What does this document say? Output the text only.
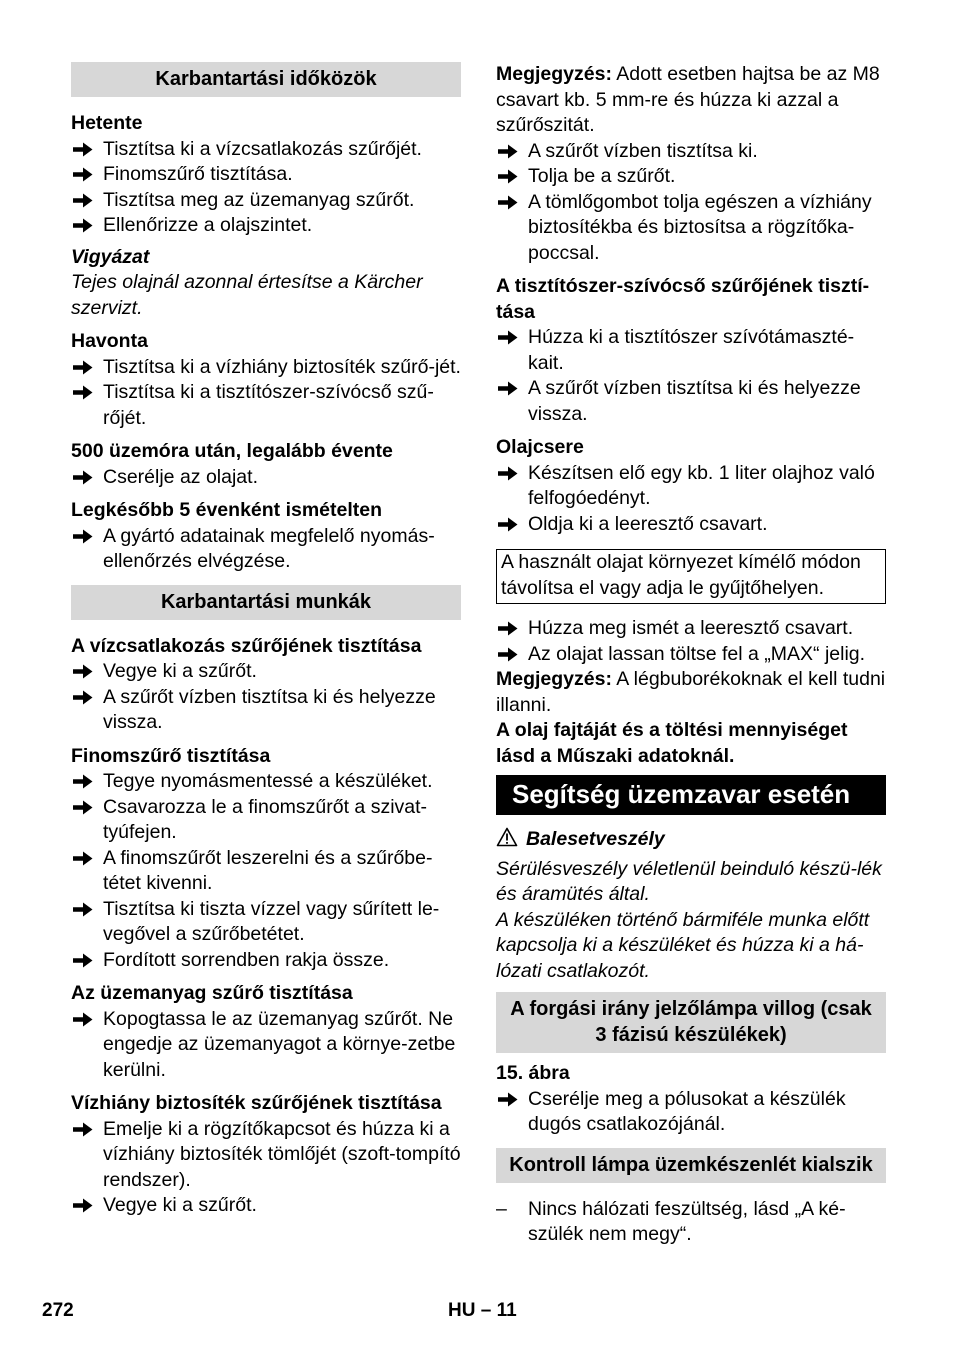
Karbantartási időközök
Hetente
Tisztítsa ki a vízcsatlakozás szűrőjét.
Finomszűrő tisztítása.
Tisztítsa meg az üzemanyag szűrőt.
Ellenőrizze a olajszintet.
Vigyázat

Tejes olajnál azonnal értesítse a Kärcher szervizt.

Havonta
Tisztítsa ki a vízhiány biztosíték szűrő-jét.
Tisztítsa ki a tisztítószer-szívócső szű-rőjét.
500 üzemóra után, legalább évente
Cserélje az olajat.
Legkésőbb 5 évenként ismételten
A gyártó adatainak megfelelő nyomás-ellenőrzés elvégzése.
Karbantartási munkák
A vízcsatlakozás szűrőjének tisztítása
Vegye ki a szűrőt.
A szűrőt vízben tisztítsa ki és helyezze vissza.
Finomszűrő tisztítása
Tegye nyomásmentessé a készüléket.
Csavarozza le a finomszűrőt a szivat-tyúfejen.
A finomszűrőt leszerelni és a szűrőbe-tétet kivenni.
Tisztítsa ki tiszta vízzel vagy sűrített le-vegővel a szűrőbetétet.
Fordított sorrendben rakja össze.
Az üzemanyag szűrő tisztítása
Kopogtassa le az üzemanyag szűrőt. Ne engedje az üzemanyagot a környe-zetbe kerülni.
Vízhiány biztosíték szűrőjének tisztítása
Emelje ki a rögzítőkapcsot és húzza ki a vízhiány biztosíték tömlőjét (szoft-tompító rendszer).
Vegye ki a szűrőt.

Megjegyzés: Adott esetben hajtsa be az M8 csavart kb. 5 mm-re és húzza ki azzal a szűrőszitát.

A szűrőt vízben tisztítsa ki.
Tolja be a szűrőt.
A tömlőgombot tolja egészen a vízhiány biztosítékba és biztosítsa a rögzítőka-poccsal.
A tisztítószer-szívócső szűrőjének tisztí-tása
Húzza ki a tisztítószer szívótámaszté-kait.
A szűrőt vízben tisztítsa ki és helyezze vissza.
Olajcsere
Készítsen elő egy kb. 1 liter olajhoz való felfogóedényt.
Oldja ki a leeresztő csavart.
A használt olajat környezet kímélő módon távolítsa el vagy adja le gyűjtőhelyen.
Húzza meg ismét a leeresztő csavart.
Az olajat lassan töltse fel a „MAX“ jelig.

Megjegyzés: A légbuborékoknak el kell tudni illanni.

A olaj fajtáját és a töltési mennyiséget lásd a Műszaki adatoknál.

Segítség üzemzavar esetén
Balesetveszély

Sérülésveszély véletlenül beinduló készü-lék és áramütés által.

A készüléken történő bármiféle munka előtt kapcsolja ki a készüléket és húzza ki a há-lózati csatlakozót.

A forgási irány jelzőlámpa villog (csak 3 fázisú készülékek)
15. ábra
Cserélje meg a pólusokat a készülék dugós csatlakozójánál.
Kontroll lámpa üzemkészenlét kialszik
–	Nincs hálózati feszültség, lásd „A ké-szülék nem megy“.
272	HU – 11
